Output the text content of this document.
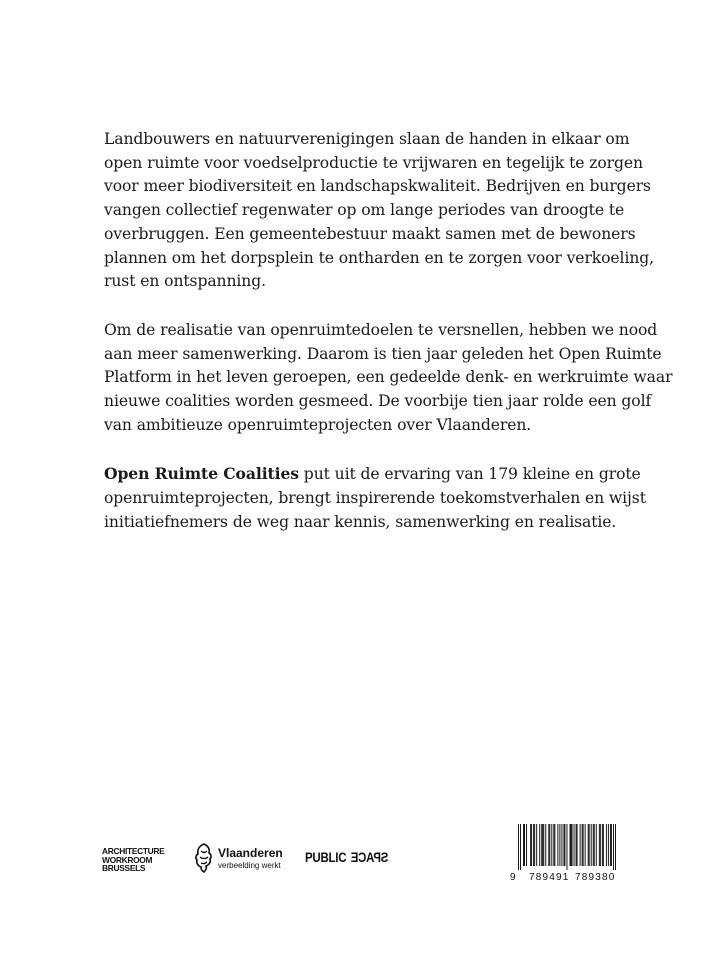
Landbouwers en natuurverenigingen slaan de handen in elkaar om
open ruimte voor voedselproductie te vrijwaren en tegelijk te zorgen
voor meer biodiversiteit en landschapskwaliteit. Bedrijven en burgers
vangen collectief regenwater op om lange periodes van droogte te
overbruggen. Een gemeentebestuur maakt samen met de bewoners
plannen om het dorpsplein te ontharden en te zorgen voor verkoeling,
rust en ontspanning.

Om de realisatie van openruimtedoelen te versnellen, hebben we nood
aan meer samenwerking. Daarom is tien jaar geleden het Open Ruimte
Platform in het leven geroepen, een gedeelde denk- en werkruimte waar
nieuwe coalities worden gesmeed. De voorbije tien jaar rolde een golf
van ambitieuze openruimteprojecten over Vlaanderen.

Open Ruimte Coalities put uit de ervaring van 179 kleine en grote
openruimteprojecten, brengt inspirerende toekomstverhalen en wijst
initiatiefnemers de weg naar kennis, samenwerking en realisatie.

ARCHITECTURE
WORKROOM
BRUSSELS
Vlaanderen
verbeelding werkt
PUBLIC SPACE
9 789491 789380
